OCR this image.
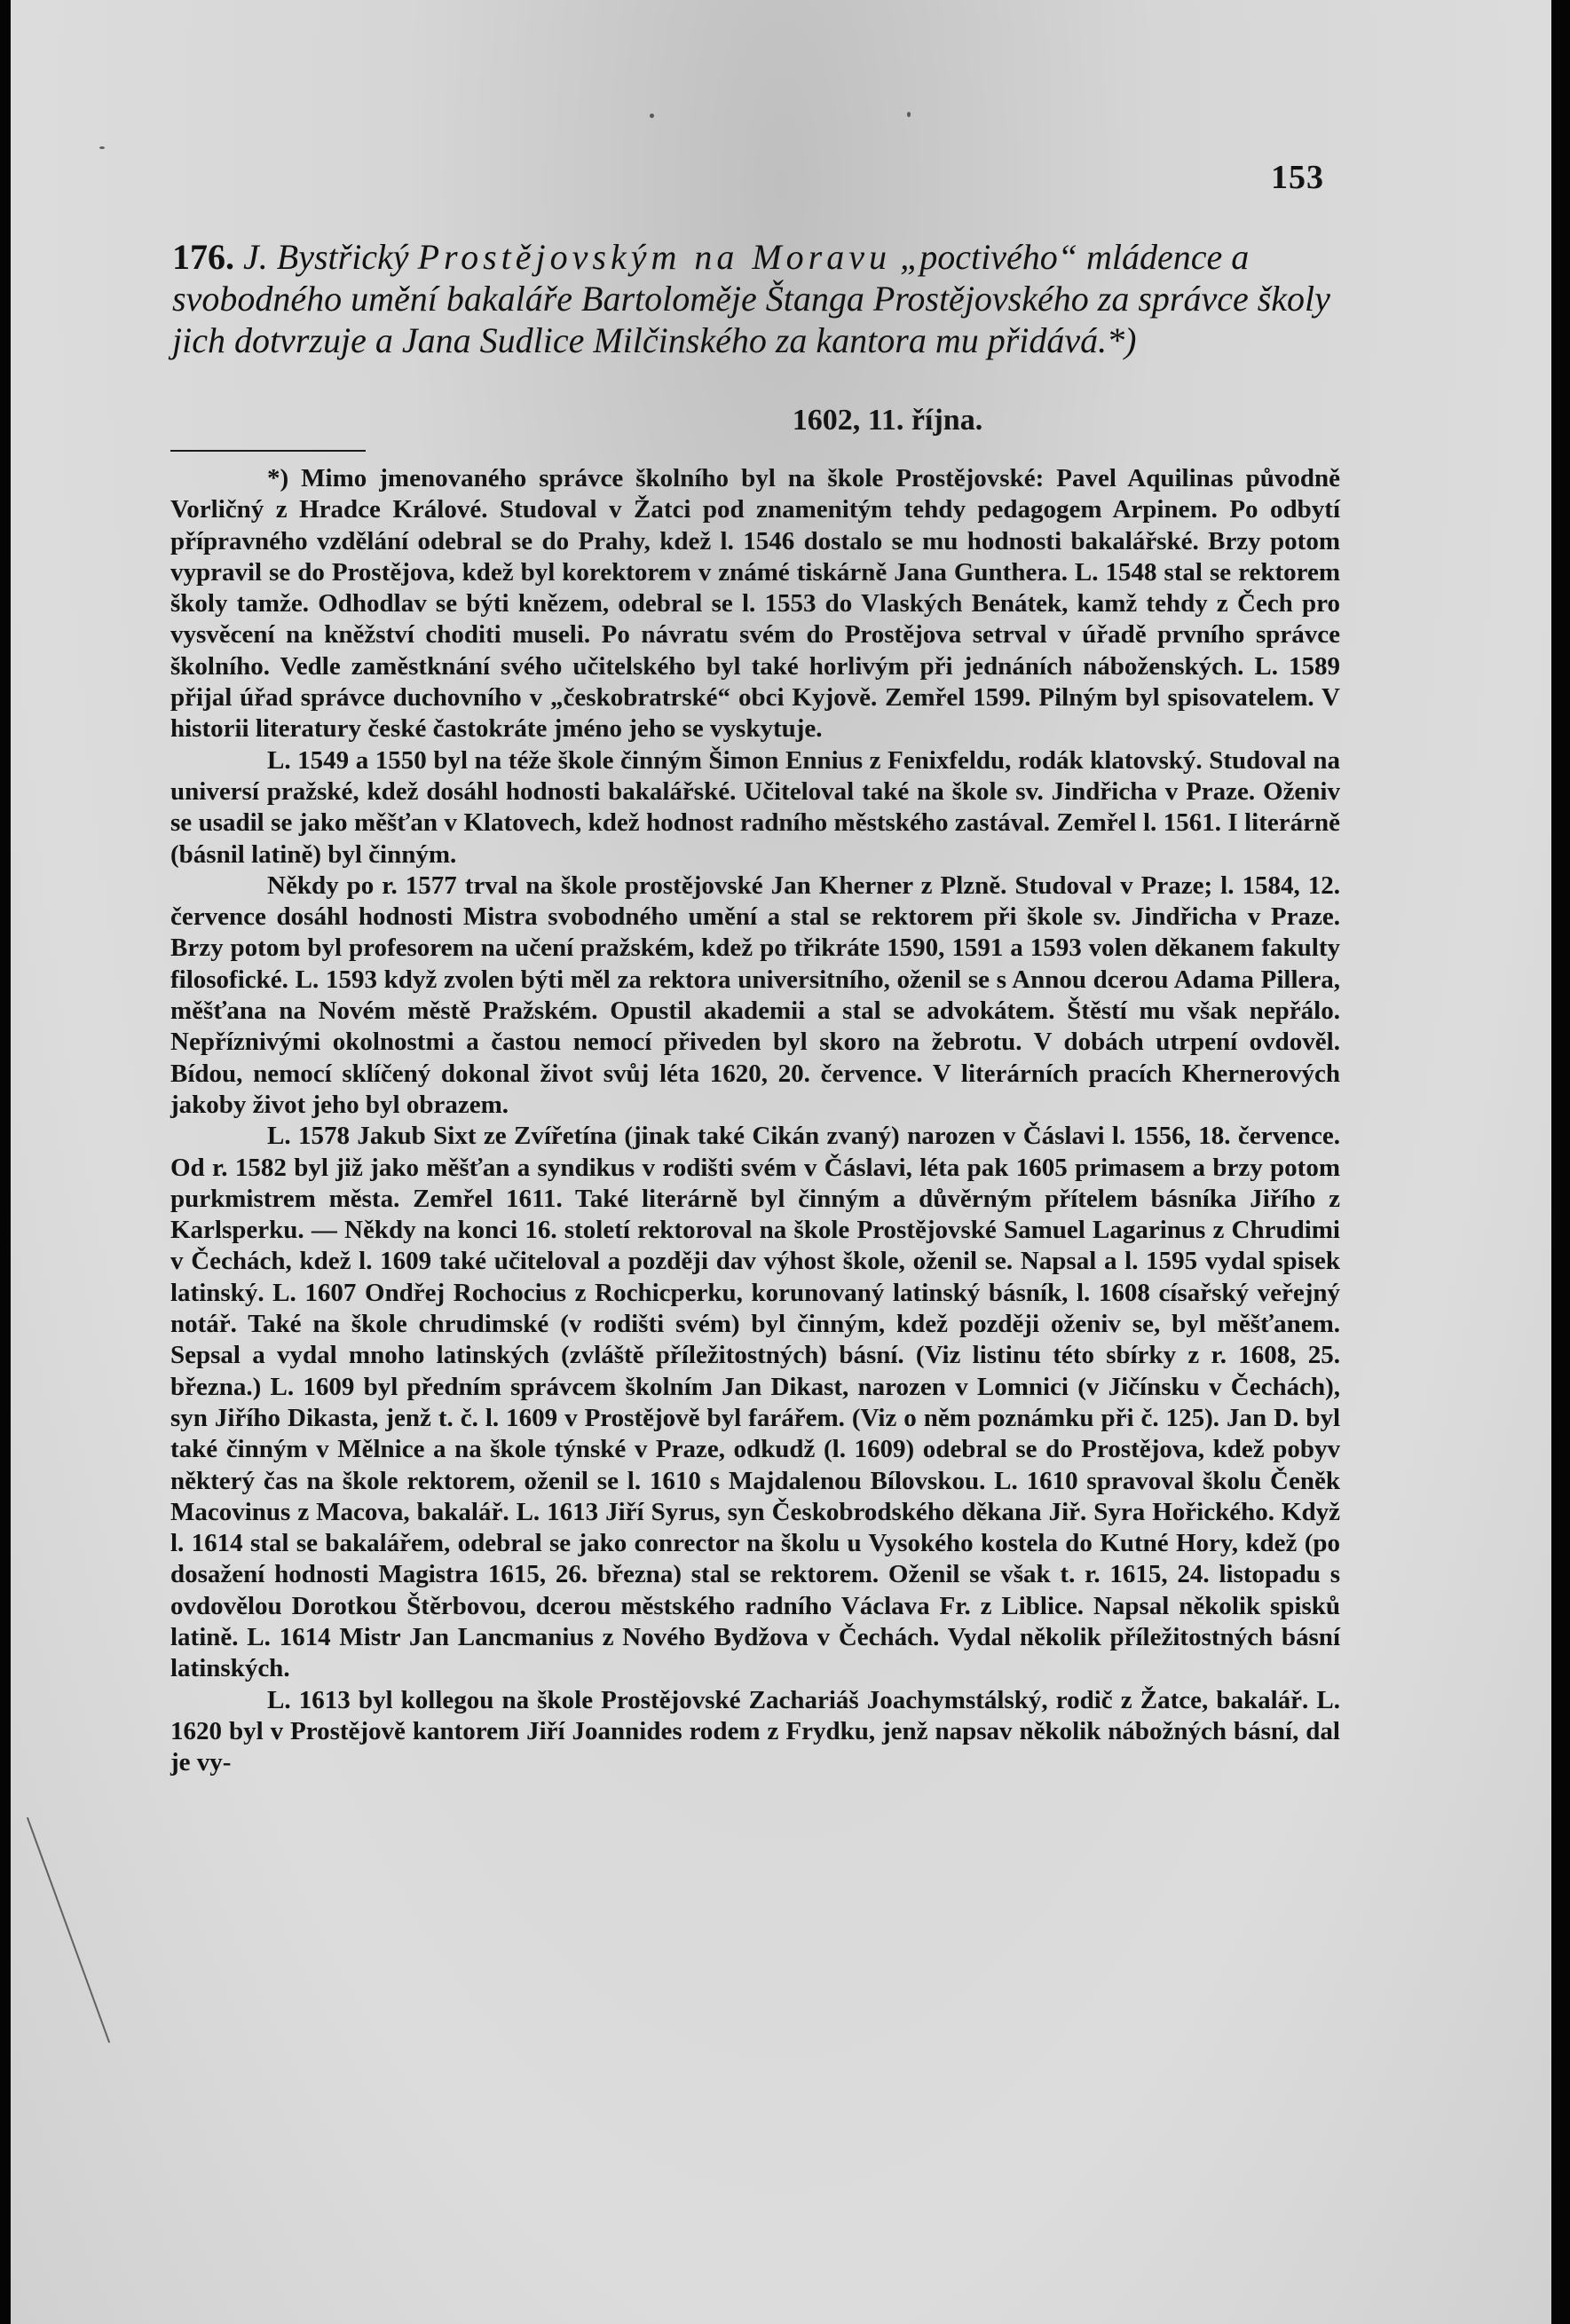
153
176. J. Bystřický Prostějovským na Moravu „poctivého“ mládence a svobodného umění bakaláře Bartoloměje Štanga Prostějovského za správce školy jich dotvrzuje a Jana Sudlice Milčinského za kantora mu přidává.*)
1602, 11. října.

*) Mimo jmenovaného správce školního byl na škole Prostějovské: Pavel Aquilinas původně Vorličný z Hradce Králové. Studoval v Žatci pod znamenitým tehdy pedagogem Arpinem. Po odbytí přípravného vzdělání odebral se do Prahy, kdež l. 1546 dostalo se mu hodnosti bakalářské. Brzy potom vypravil se do Prostějova, kdež byl korektorem v známé tiskárně Jana Gunthera. L. 1548 stal se rektorem školy tamže. Odhodlav se býti knězem, odebral se l. 1553 do Vlaských Benátek, kamž tehdy z Čech pro vysvěcení na kněžství choditi museli. Po návratu svém do Prostějova setrval v úřadě prvního správce školního. Vedle zaměstknání svého učitelského byl také horlivým při jednáních náboženských. L. 1589 přijal úřad správce duchovního v „českobratrské“ obci Kyjově. Zemřel 1599. Pilným byl spisovatelem. V historii literatury české častokráte jméno jeho se vyskytuje.

L. 1549 a 1550 byl na téže škole činným Šimon Ennius z Fenixfeldu, rodák klatovský. Studoval na universí pražské, kdež dosáhl hodnosti bakalářské. Učiteloval také na škole sv. Jindřicha v Praze. Oženiv se usadil se jako měšťan v Klatovech, kdež hodnost radního městského zastával. Zemřel l. 1561. I literárně (básnil latině) byl činným.

Někdy po r. 1577 trval na škole prostějovské Jan Kherner z Plzně. Studoval v Praze; l. 1584, 12. července dosáhl hodnosti Mistra svobodného umění a stal se rektorem při škole sv. Jindřicha v Praze. Brzy potom byl profesorem na učení pražském, kdež po třikráte 1590, 1591 a 1593 volen děkanem fakulty filosofické. L. 1593 když zvolen býti měl za rektora universitního, oženil se s Annou dcerou Adama Pillera, měšťana na Novém městě Pražském. Opustil akademii a stal se advokátem. Štěstí mu však nepřálo. Nepříznivými okolnostmi a častou nemocí přiveden byl skoro na žebrotu. V dobách utrpení ovdověl. Bídou, nemocí sklíčený dokonal život svůj léta 1620, 20. července. V literárních pracích Khernerových jakoby život jeho byl obrazem.

L. 1578 Jakub Sixt ze Zvířetína (jinak také Cikán zvaný) narozen v Čáslavi l. 1556, 18. července. Od r. 1582 byl již jako měšťan a syndikus v rodišti svém v Čáslavi, léta pak 1605 primasem a brzy potom purkmistrem města. Zemřel 1611. Také literárně byl činným a důvěrným přítelem básníka Jiřího z Karlsperku. — Někdy na konci 16. století rektoroval na škole Prostějovské Samuel Lagarinus z Chrudimi v Čechách, kdež l. 1609 také učiteloval a později dav výhost škole, oženil se. Napsal a l. 1595 vydal spisek latinský. L. 1607 Ondřej Rochocius z Rochicperku, korunovaný latinský básník, l. 1608 císařský veřejný notář. Také na škole chrudimské (v rodišti svém) byl činným, kdež později oženiv se, byl měšťanem. Sepsal a vydal mnoho latinských (zvláště příležitostných) básní. (Viz listinu této sbírky z r. 1608, 25. března.) L. 1609 byl předním správcem školním Jan Dikast, narozen v Lomnici (v Jičínsku v Čechách), syn Jiřího Dikasta, jenž t. č. l. 1609 v Prostějově byl farářem. (Viz o něm poznámku při č. 125). Jan D. byl také činným v Mělnice a na škole týnské v Praze, odkudž (l. 1609) odebral se do Prostějova, kdež pobyv některý čas na škole rektorem, oženil se l. 1610 s Majdalenou Bílovskou. L. 1610 spravoval školu Čeněk Macovinus z Macova, bakalář. L. 1613 Jiří Syrus, syn Českobrodského děkana Jiř. Syra Hořického. Když l. 1614 stal se bakalářem, odebral se jako conrector na školu u Vysokého kostela do Kutné Hory, kdež (po dosažení hodnosti Magistra 1615, 26. března) stal se rektorem. Oženil se však t. r. 1615, 24. listopadu s ovdovělou Dorotkou Štěrbovou, dcerou městského radního Václava Fr. z Liblice. Napsal několik spisků latině. L. 1614 Mistr Jan Lancmanius z Nového Bydžova v Čechách. Vydal několik příležitostných básní latinských.

L. 1613 byl kollegou na škole Prostějovské Zachariáš Joachymstálský, rodič z Žatce, bakalář. L. 1620 byl v Prostějově kantorem Jiří Joannides rodem z Frydku, jenž napsav několik nábožných básní, dal je vy-
